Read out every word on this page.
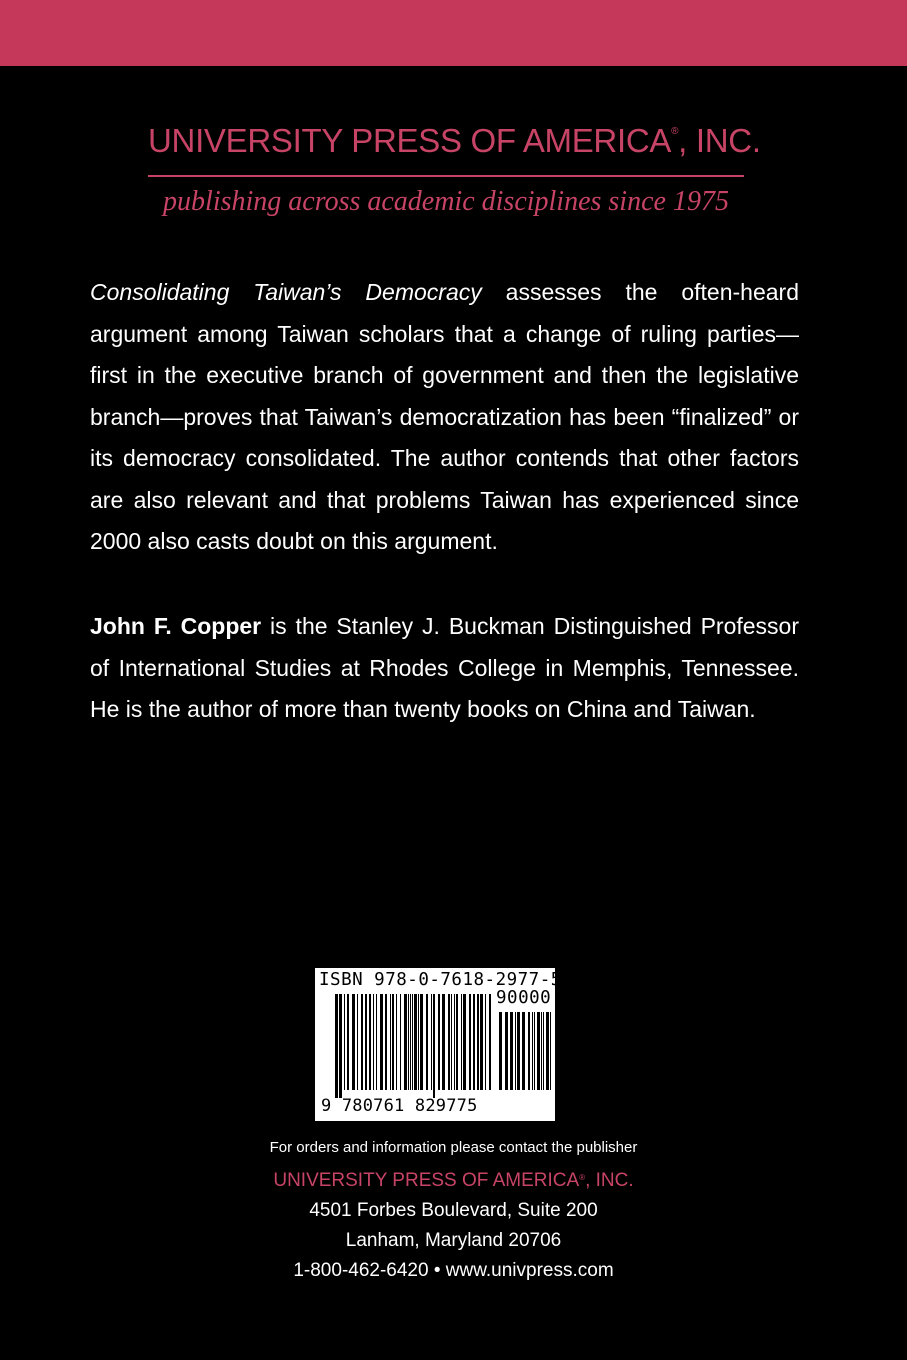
UNIVERSITY PRESS OF AMERICA®, INC.
publishing across academic disciplines since 1975
Consolidating Taiwan’s Democracy assesses the often-heard argument among Taiwan scholars that a change of ruling parties—first in the executive branch of government and then the legislative branch—proves that Taiwan’s democratization has been “finalized” or its democracy consolidated. The author contends that other factors are also relevant and that problems Taiwan has experienced since 2000 also casts doubt on this argument.
John F. Copper is the Stanley J. Buckman Distinguished Professor of International Studies at Rhodes College in Memphis, Tennessee. He is the author of more than twenty books on China and Taiwan.
ISBN 978-0-7618-2977-5
90000
9 780761 829775
For orders and information please contact the publisher
UNIVERSITY PRESS OF AMERICA®, INC.
4501 Forbes Boulevard, Suite 200
Lanham, Maryland 20706
1-800-462-6420 • www.univpress.com
